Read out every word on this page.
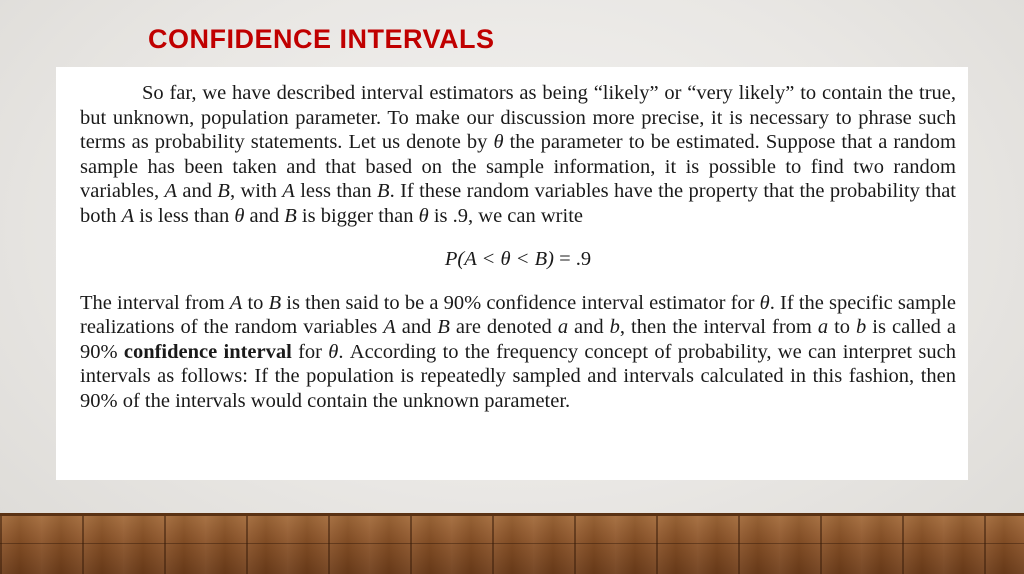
CONFIDENCE INTERVALS

So far, we have described interval estimators as being “likely” or “very likely” to contain the true, but unknown, population parameter. To make our discussion more precise, it is necessary to phrase such terms as probability statements. Let us denote by θ the parameter to be estimated. Suppose that a random sample has been taken and that based on the sample information, it is possible to find two random variables, A and B, with A less than B. If these random variables have the property that the probability that both A is less than θ and B is bigger than θ is .9, we can write

P(A < θ < B) = .9

The interval from A to B is then said to be a 90% confidence interval estimator for θ. If the specific sample realizations of the random variables A and B are denoted a and b, then the interval from a to b is called a 90% confidence interval for θ. According to the frequency concept of probability, we can interpret such intervals as follows: If the population is repeatedly sampled and intervals calculated in this fashion, then 90% of the intervals would contain the unknown parameter.
